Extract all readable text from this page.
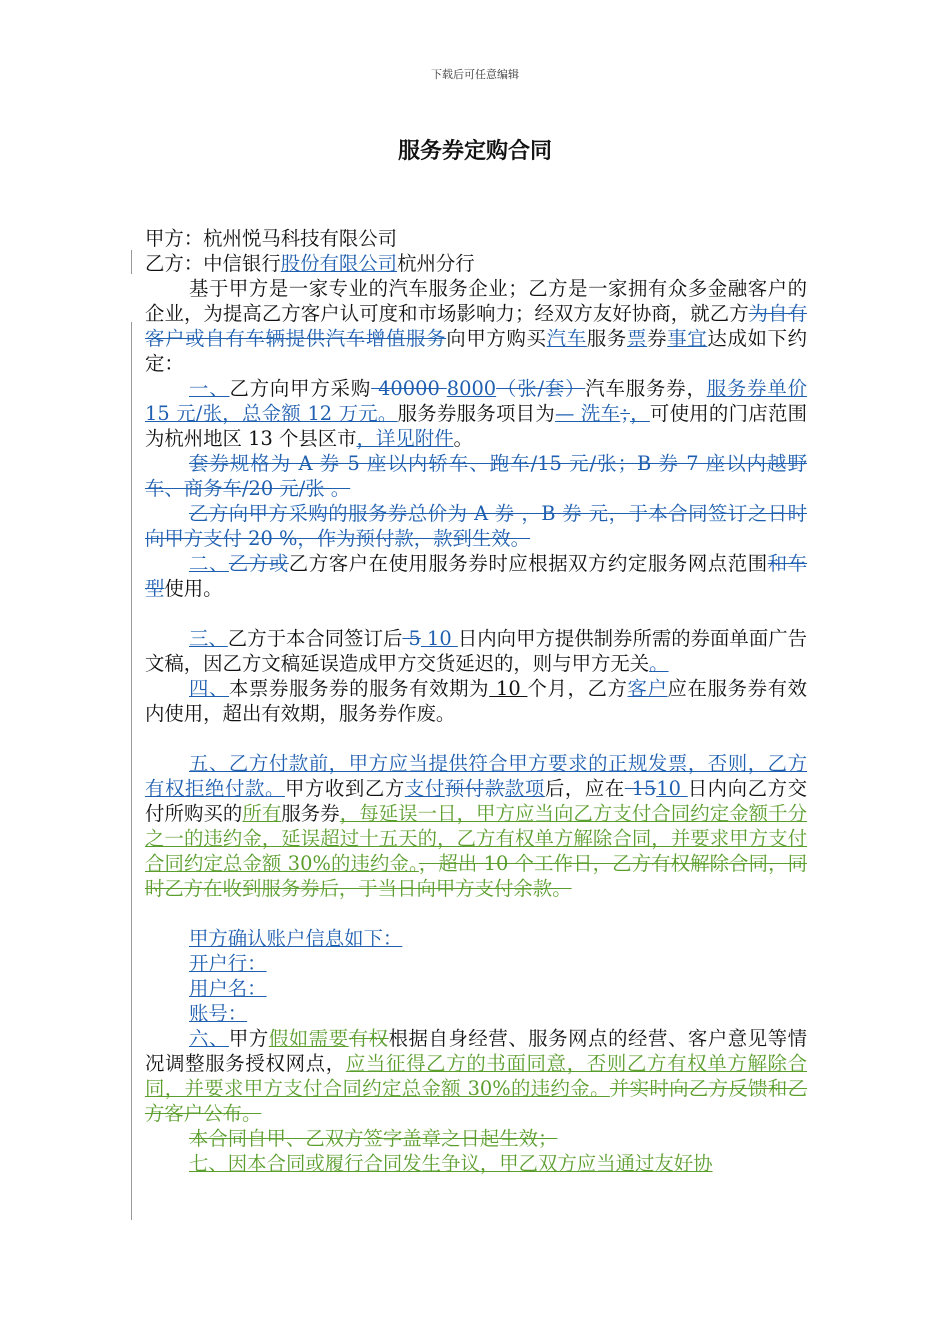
下载后可任意编辑
服务券定购合同

甲方：杭州悦马科技有限公司

乙方：中信银行股份有限公司杭州分行

基于甲方是一家专业的汽车服务企业；乙方是一家拥有众多金融客户的企业，为提高乙方客户认可度和市场影响力；经双方友好协商，就乙方为自有客户或自有车辆提供汽车增值服务向甲方购买汽车服务票券事宜达成如下约定：

一、乙方向甲方采购 40000 8000（张/套）汽车服务券，服务券单价 15 元/张，总金额 12 万元。服务券服务项目为— 洗车；，可使用的门店范围为杭州地区 13 个县区市，详见附件。

套券规格为 A 券 5 座以内轿车、跑车/15 元/张；B 券 7 座以内越野车、商务车/20 元/张 。

乙方向甲方采购的服务券总价为 A 券 ，B 券 元，于本合同签订之日时向甲方支付 20 %，作为预付款，款到生效。

二、乙方或乙方客户在使用服务券时应根据双方约定服务网点范围和车型使用。

三、乙方于本合同签订后 5 10 日内向甲方提供制券所需的券面单面广告文稿，因乙方文稿延误造成甲方交货延迟的，则与甲方无关。

四、本票券服务券的服务有效期为 10 个月，乙方客户应在服务券有效内使用，超出有效期，服务券作废。

五、乙方付款前，甲方应当提供符合甲方要求的正规发票，否则，乙方有权拒绝付款。甲方收到乙方支付预付款款项后，应在 1510 日内向乙方交付所购买的所有服务券，每延误一日，甲方应当向乙方支付合同约定金额千分之一的违约金，延误超过十五天的，乙方有权单方解除合同，并要求甲方支付合同约定总金额 30%的违约金。，超出 10 个工作日，乙方有权解除合同，同时乙方在收到服务券后，于当日向甲方支付余款。

甲方确认账户信息如下：

开户行：

用户名：

账号：

六、甲方假如需要有权根据自身经营、服务网点的经营、客户意见等情况调整服务授权网点，应当征得乙方的书面同意，否则乙方有权单方解除合同，并要求甲方支付合同约定总金额 30%的违约金。并实时向乙方反馈和乙方客户公布。

本合同自甲、乙双方签字盖章之日起生效；

七、因本合同或履行合同发生争议，甲乙双方应当通过友好协
